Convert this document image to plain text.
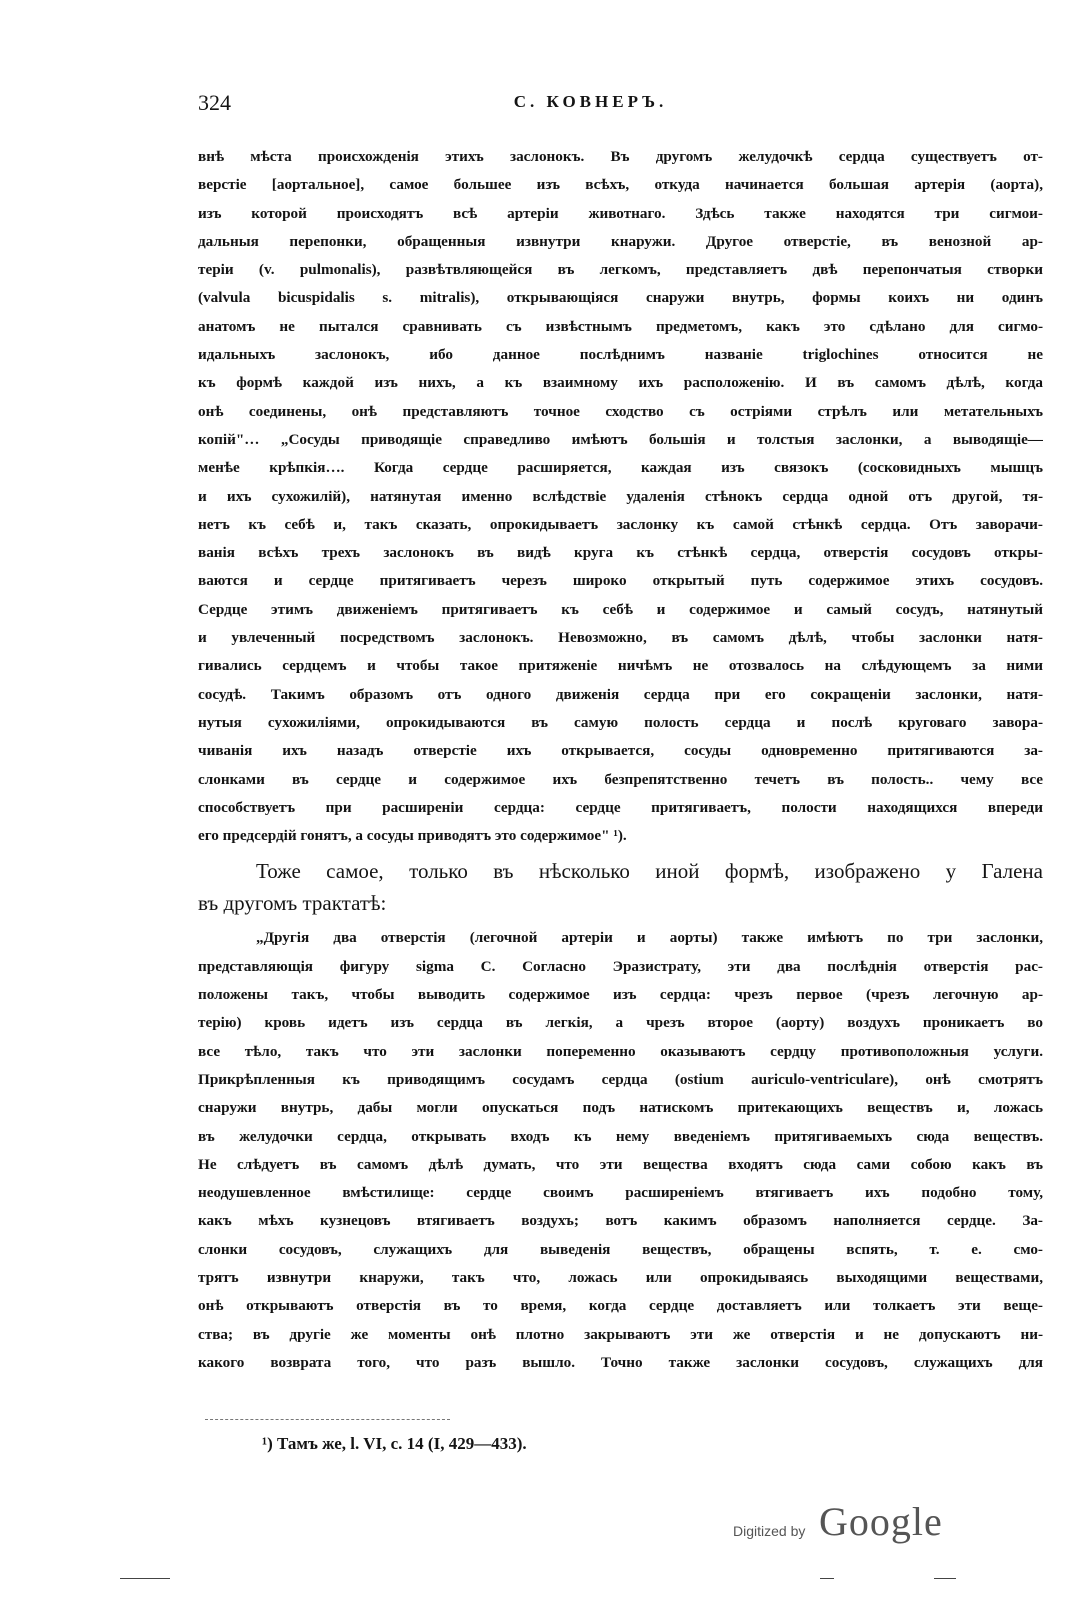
324	С. КОВНЕРЪ.
внѣ мѣста происхожденія этихъ заслонокъ. Въ другомъ желудочкѣ сердца существуетъ от-
верстіе [аортальное], самое большее изъ всѣхъ, откуда начинается большая артерія (аорта),
изъ которой происходятъ всѣ артеріи животнаго. Здѣсь также находятся три сигмои-
дальныя перепонки, обращенныя извнутри кнаружи. Другое отверстіе, въ венозной ар-
теріи (v. pulmonalis), развѣтвляющейся въ легкомъ, представляетъ двѣ перепончатыя створки
(valvula bicuspidalis s. mitralis), открывающіяся снаружи внутрь, формы коихъ ни одинъ
анатомъ не пытался сравнивать съ извѣстнымъ предметомъ, какъ это сдѣлано для сигмо-
идальныхъ заслонокъ, ибо данное послѣднимъ названіе triglochines относится не
къ формѣ каждой изъ нихъ, а къ взаимному ихъ расположенію. И въ самомъ дѣлѣ, когда
онѣ соединены, онѣ представляютъ точное сходство съ остріями стрѣлъ или метательныхъ
копій"… „Сосуды приводящіе справедливо имѣютъ большія и толстыя заслонки, а выводящіе—
менѣе крѣпкія…. Когда сердце расширяется, каждая изъ связокъ (сосковидныхъ мышцъ
и ихъ сухожилій), натянутая именно вслѣдствіе удаленія стѣнокъ сердца одной отъ другой, тя-
нетъ къ себѣ и, такъ сказать, опрокидываетъ заслонку къ самой стѣнкѣ сердца. Отъ заворачи-
ванія всѣхъ трехъ заслонокъ въ видѣ круга къ стѣнкѣ сердца, отверстія сосудовъ откры-
ваются и сердце притягиваетъ черезъ широко открытый путь содержимое этихъ сосудовъ.
Сердце этимъ движеніемъ притягиваетъ къ себѣ и содержимое и самый сосудъ, натянутый
и увлеченный посредствомъ заслонокъ. Невозможно, въ самомъ дѣлѣ, чтобы заслонки натя-
гивались сердцемъ и чтобы такое притяженіе ничѣмъ не отозвалось на слѣдующемъ за ними
сосудѣ. Такимъ образомъ отъ одного движенія сердца при его сокращеніи заслонки, натя-
нутыя сухожиліями, опрокидываются въ самую полость сердца и послѣ круговаго завора-
чиванія ихъ назадъ отверстіе ихъ открывается, сосуды одновременно притягиваются за-
слонками въ сердце и содержимое ихъ безпрепятственно течетъ въ полость.. чему все
способствуетъ при расширеніи сердца: сердце притягиваетъ, полости находящихся впереди
его предсердій гонятъ, а сосуды приводятъ это содержимое" ¹).
Тоже самое, только въ нѣсколько иной формѣ, изображено у Галена
въ другомъ трактатѣ:
„Другія два отверстія (легочной артеріи и аорты) также имѣютъ по три заслонки,
представляющія фигуру sigma C. Согласно Эразистрату, эти два послѣднія отверстія рас-
положены такъ, чтобы выводить содержимое изъ сердца: чрезъ первое (чрезъ легочную ар-
терію) кровь идетъ изъ сердца въ легкія, а чрезъ второе (аорту) воздухъ проникаетъ во
все тѣло, такъ что эти заслонки попеременно оказываютъ сердцу противоположныя услуги.
Прикрѣпленныя къ приводящимъ сосудамъ сердца (ostium auriculo-ventriculare), онѣ смотрятъ
снаружи внутрь, дабы могли опускаться подъ натискомъ притекающихъ веществъ и, ложась
въ желудочки сердца, открывать входъ къ нему введеніемъ притягиваемыхъ сюда веществъ.
Не слѣдуетъ въ самомъ дѣлѣ думать, что эти вещества входятъ сюда сами собою какъ въ
неодушевленное вмѣстилище: сердце своимъ расширеніемъ втягиваетъ ихъ подобно тому,
какъ мѣхъ кузнецовъ втягиваетъ воздухъ; вотъ какимъ образомъ наполняется сердце. За-
слонки сосудовъ, служащихъ для выведенія веществъ, обращены вспять, т. е. смо-
трятъ извнутри кнаружи, такъ что, ложась или опрокидываясь выходящими веществами,
онѣ открываютъ отверстія въ то время, когда сердце доставляетъ или толкаетъ эти веще-
ства; въ другіе же моменты онѣ плотно закрываютъ эти же отверстія и не допускаютъ ни-
какого возврата того, что разъ вышло. Точно также заслонки сосудовъ, служащихъ для
¹) Тамъ же, l. VI, c. 14 (I, 429—433).
Digitized by Google
